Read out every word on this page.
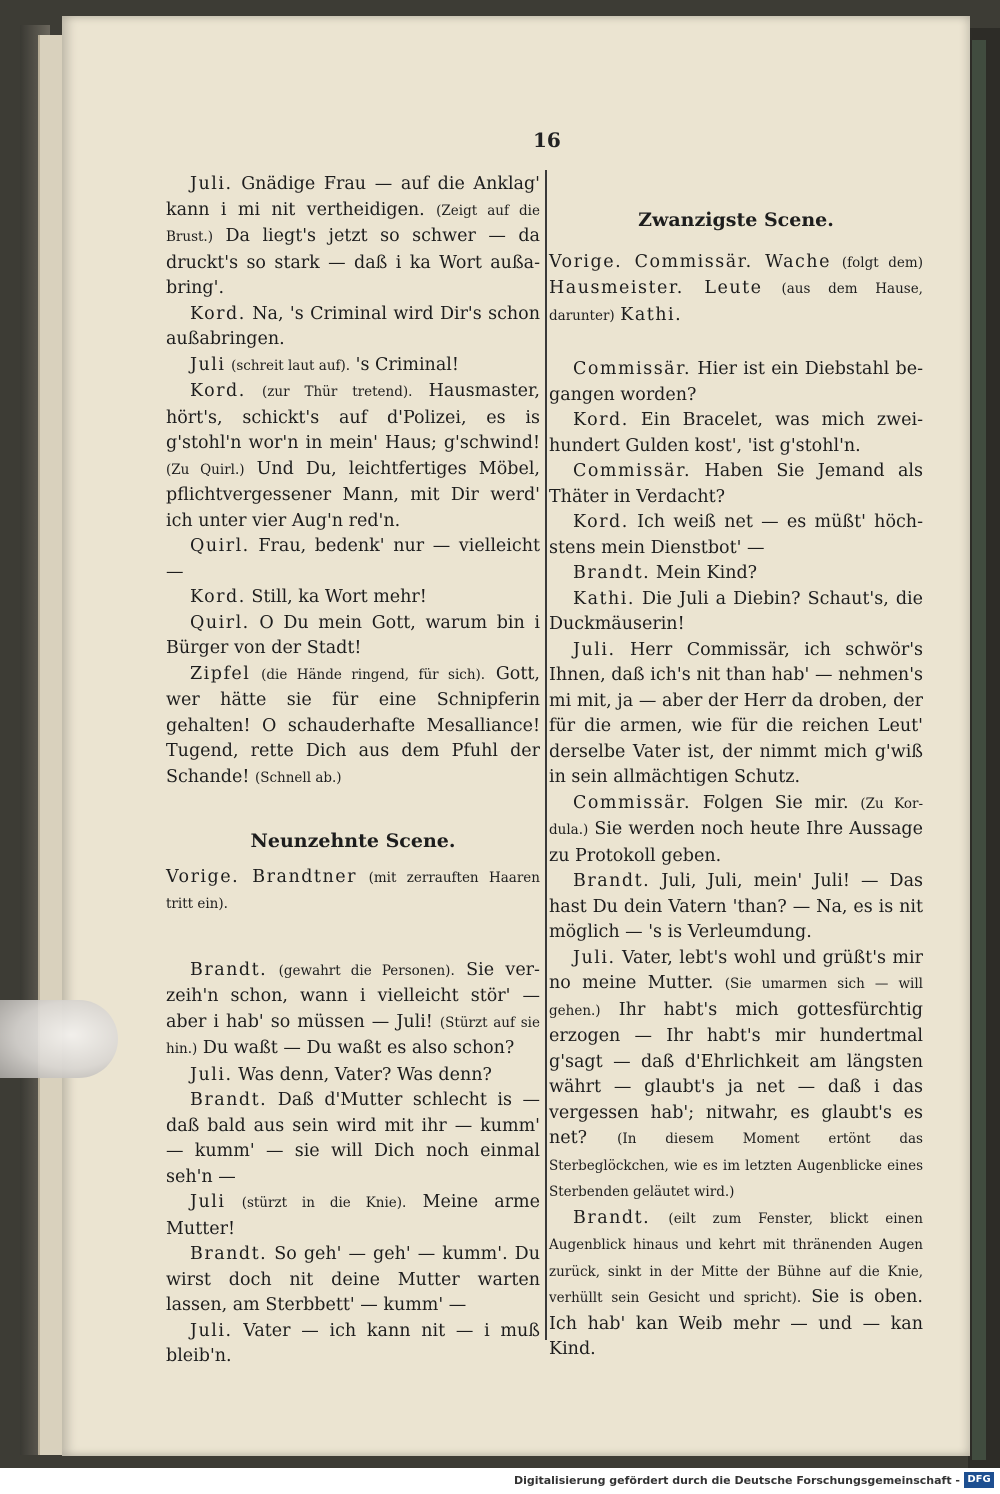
16

Juli. Gnädige Frau — auf die Anklag' kann i mi nit vertheidigen. (Zeigt auf die Brust.) Da liegt's jetzt so schwer — da druckt's so stark — daß i ka Wort außabring'.

Kord. Na, 's Criminal wird Dir's schon außabringen.

Juli (schreit laut auf). 's Criminal!

Kord. (zur Thür tretend). Hausmaster, hört's, schickt's auf d'Polizei, es is g'stohl'n wor'n in mein' Haus; g'schwind! (Zu Quirl.) Und Du, leichtfertiges Möbel, pflichtvergessener Mann, mit Dir werd' ich unter vier Aug'n red'n.

Quirl. Frau, bedenk' nur — vielleicht —

Kord. Still, ka Wort mehr!

Quirl. O Du mein Gott, warum bin i Bürger von der Stadt!

Zipfel (die Hände ringend, für sich). Gott, wer hätte sie für eine Schnipferin gehalten! O schauderhafte Mesalliance! Tugend, rette Dich aus dem Pfuhl der Schande! (Schnell ab.)

Neunzehnte Scene.

Vorige. Brandtner (mit zerrauften Haaren tritt ein).

Brandt. (gewahrt die Personen). Sie verzeih'n schon, wann i vielleicht stör' — aber i hab' so müssen — Juli! (Stürzt auf sie hin.) Du waßt — Du waßt es also schon?

Juli. Was denn, Vater? Was denn?

Brandt. Daß d'Mutter schlecht is — daß bald aus sein wird mit ihr — kumm' — kumm' — sie will Dich noch einmal seh'n —

Juli (stürzt in die Knie). Meine arme Mutter!

Brandt. So geh' — geh' — kumm'. Du wirst doch nit deine Mutter warten lassen, am Sterbbett' — kumm' —

Juli. Vater — ich kann nit — i muß bleib'n.

Zwanzigste Scene.

Vorige. Commissär. Wache (folgt dem) Hausmeister. Leute (aus dem Hause, darunter) Kathi.

Commissär. Hier ist ein Diebstahl begangen worden?

Kord. Ein Bracelet, was mich zweihundert Gulden kost', 'ist g'stohl'n.

Commissär. Haben Sie Jemand als Thäter in Verdacht?

Kord. Ich weiß net — es müßt' höchstens mein Dienstbot' —

Brandt. Mein Kind?

Kathi. Die Juli a Diebin? Schaut's, die Duckmäuserin!

Juli. Herr Commissär, ich schwör's Ihnen, daß ich's nit than hab' — nehmen's mi mit, ja — aber der Herr da droben, der für die armen, wie für die reichen Leut' derselbe Vater ist, der nimmt mich g'wiß in sein allmächtigen Schutz.

Commissär. Folgen Sie mir. (Zu Kordula.) Sie werden noch heute Ihre Aussage zu Protokoll geben.

Brandt. Juli, Juli, mein' Juli! — Das hast Du dein Vatern 'than? — Na, es is nit möglich — 's is Verleumdung.

Juli. Vater, lebt's wohl und grüßt's mir no meine Mutter. (Sie umarmen sich — will gehen.) Ihr habt's mich gottesfürchtig erzogen — Ihr habt's mir hundertmal g'sagt — daß d'Ehrlichkeit am längsten währt — glaubt's ja net — daß i das vergessen hab'; nitwahr, es glaubt's es net? (In diesem Moment ertönt das Sterbeglöckchen, wie es im letzten Augenblicke eines Sterbenden geläutet wird.)

Brandt. (eilt zum Fenster, blickt einen Augenblick hinaus und kehrt mit thränenden Augen zurück, sinkt in der Mitte der Bühne auf die Knie, verhüllt sein Gesicht und spricht). Sie is oben. Ich hab' kan Weib mehr — und — kan Kind.

Digitalisierung gefördert durch die Deutsche Forschungsgemeinschaft - DFG
